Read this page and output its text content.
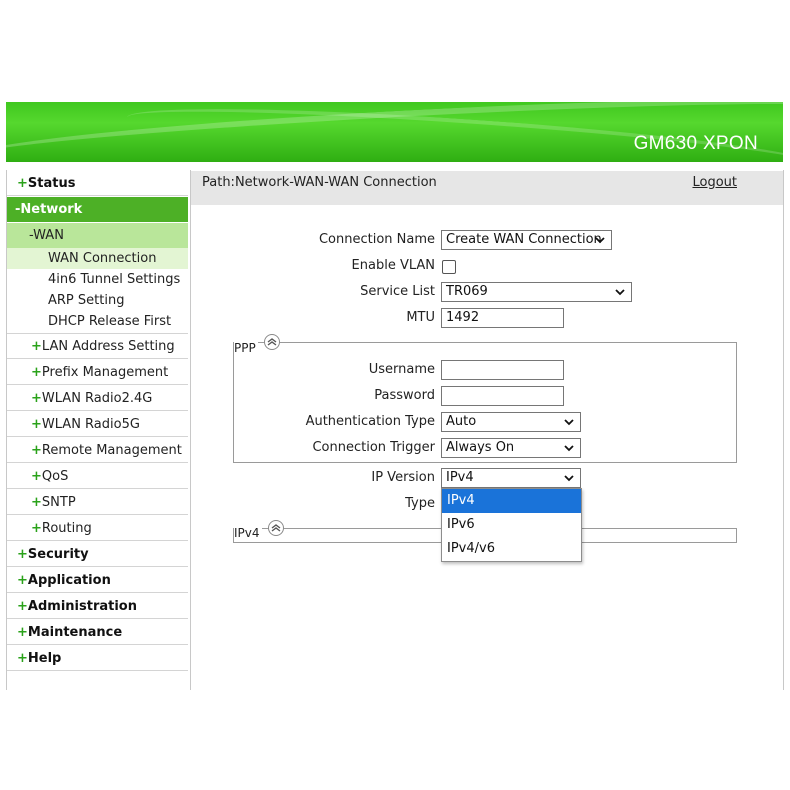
GM630 XPON
+Status
-Network
-WAN
WAN Connection
4in6 Tunnel Settings
ARP Setting
DHCP Release First
+LAN Address Setting
+Prefix Management
+WLAN Radio2.4G
+WLAN Radio5G
+Remote Management
+QoS
+SNTP
+Routing
+Security
+Application
+Administration
+Maintenance
+Help
Path:Network-WAN-WAN Connection	Logout
Connection Name Create WAN Connection
Enable VLAN
Service List TR069
MTU 1492
PPP
Username
Password
Authentication Type Auto
Connection Trigger Always On
IP Version IPv4
Type
IPv4
IPv4
IPv6
IPv4/v6
